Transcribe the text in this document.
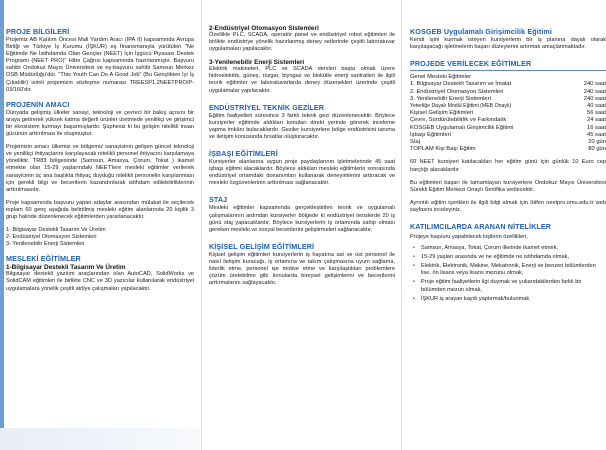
PROJE BİLGİLERİ

Projemiz AB Katılım Öncesi Mali Yardım Aracı (IPA II) kapsamında Avrupa Birliği ve Türkiye İş Kurumu (İŞKUR) eş finansmanıyla yürütülen "Ne Eğitimde Ne İstihdamda Olan Gençler (NEET) İçin İşgücü Piyasası Destek Programı (NEET PRO)" Hibe Çağrısı kapsamında hazırlanmıştır. Başvuru sahibi Ondokuz Mayıs Üniversitesi ve eş-başvuru sahibi Samsun Merkez OSB Müdürlüğü'dür. "This Youth Can Do A Good Job" (Bu Gençlikten İyi İş Çıkabilir) isimli projemizin sözleşme numarası TREESP1.2NEETPRO/P-03/160'dır.

PROJENİN AMACI

Dünyada gelişmiş ülkeler sanayi, teknoloji ve çevreci bir bakış açısını bir araya getirerek yüksek katma değerli ürünler üretmede yenilikçi ve girişimci bir ekosistem kurmayı başarmışlardır. Şüphesiz ki bu gelişim nitelikli insan gücünün arttırılması ile oluşmuştur.

Projemizin amacı ülkemiz ve bölgemiz sanayisinin gelişen güncel teknoloji ve yenilikçi ihtiyaçlarını karşılayacak nitelikli personel ihtiyacını karşılamaya yöneliktir. TR83 bölgesinde (Samsun, Amasya, Çorum, Tokat ) ikamet etmekte olan 15-29 yaşlarındaki NEET'lere mesleki eğitimler verilerek sanayicinin üç ana başlıkta ihtiyaç duyduğu nitelikli personelin karşılanması için gerekli bilgi ve becerilerin kazandırılarak istihdam edilebilirliklerinin arttırılmasıdır.

Proje kapsamında başvuru yapan adaylar arasından mülakat ile seçilecek toplam 60 genç aşağıda belirtilmiş mesleki eğitim alanlarında 20 kişilik 3 grup halinde düzenlenecek eğitimlerden yararlanacaktır.

1- Bilgisayar Destekli Tasarım Ve Üretim
2- Endüstriyel Otomasyon Sistemleri
3- Yenilenebilir Enerji Sistemleri
MESLEKİ EĞİTİMLER
1-Bilgisayar Destekli Tasarım Ve Üretim

Bilgisayar destekli yazılım araçlarından olan AutoCAD, SolidWorks ve SolidCAM eğitimleri ile birlikte CNC ve 3D yazıcılar kullanılarak endüstriyel uygulamalara yönelik çeşitli atölye çalışmaları yapılacaktır.

2-Endüstriyel Otomasyon Sistemleri

Özellikle PLC, SCADA, operatör panel ve endüstriyel robot eğitimleri ile birlikte endüstriye yönelik hazırlanmış deney setlerinde çeşitli laboratuvar uygulamaları yapılacaktır.

3-Yenilenebilir Enerji Sistemleri

Elektrik makineleri, PLC ve SCADA dersleri başta olmak üzere hidroelektrik, güneş, rüzgar, biyogaz ve biokütle enerji santralleri ile ilgili teorik eğitimler ve laboratuvarlarda deney düzenekleri üzerinde çeşitli uygulamalar yapılacaktır.

ENDÜSTRİYEL TEKNİK GEZİLER

Eğitim faaliyetleri süresince 3 farklı teknik gezi düzenlenecektir. Böylece kursiyerler eğitimde aldıkları konuları direkt yerinde görerek inceleme yapma imkânı bulacaklardır. Geziler kursiyerlere bölge endüstrisini tanıma ve iletişim konusunda fırsatlar oluşturacaktır.

İŞBAŞI EĞİTİMLERİ

Kursiyerler alanlarına uygun proje paydaşlarının işletmelerinde 45 saat işbaşı eğitimi alacaklardır. Böylece aldıkları mesleki eğitimlerin sonrasında endüstriyel ortamdaki donanımları kullanarak deneyimlerini arttıracak ve mesleki özgüvenlerinin arttırılması sağlanacaktır.

STAJ

Mesleki eğitimler kapsamında gerçekleştirilen teorik ve uygulamalı çalışmalarının ardından kursiyerler bölgede ki endüstriyel tesislerde 20 iş günü staj yapacaklardır. Böylece kursiyerlerin iş ortamında sahip olması gereken mesleki ve sosyal becerilerini geliştirmeleri sağlanacaktır.

KİŞİSEL GELİŞİM EĞİTİMLERİ

Kişisel gelişim eğitimleri kursiyerlerin iş hayatına ast ve üst personel ile nasıl iletişim kuracağı, iş ortamına ve takım çalışmasına uyum sağlama, liderlik etme, personel işe motive etme ve karşılaştıkları problemlere çözüm üretebilme gibi konularda bireysel gelişimlerini ve becerilerini arttırmalarını sağlayacaktır.

KOSGEB Uygulamalı Girişimcilik Eğitimi

Kendi işini kurmak isteyen kursiyerlerin bir iş planına dayalı olarak karşılaşacağı işletmelerin başarı düzeylerini artırmak amaçlanmaktadır.

PROJEDE VERİLECEK EĞİTİMLER
Genel Mesleki Eğitimler	
1. Bilgisayar Destekli Tasarım ve İmalat	240 saat
2. Endüstriyel Otomasyon Sistemleri	240 saat
3. Yenilenebilir Enerji Sistemleri	240 saat
Yeterliğe Dayalı Modül Eğitimi (MEB Onaylı)	40 saat
Kişisel Gelişim Eğitimleri	56 saat
Çevre, Sürdürülebilirlik ve Farkındalık	24 saat
KOSGEB Uygulamalı Girişimcilik Eğitimi	16 saat
İşbaşı Eğitimleri	45 saat
Staj	20 gün
TOPLAM Kişi Başı Eğitim	80 gün

60 NEET kursiyeri katılacakları her eğitim günü için günlük 10 Euro cep harçlığı alacaklardır

Bu eğitimleri başarı ile tamamlayan kursiyerlere Ondokuz Mayıs Üniversitesi Sürekli Eğitim Merkezi Onaylı Sertifika verilecektir.

Ayrıntılı eğitim içerikleri ile ilgili bilgi almak için lütfen neetpro.omu.edu.tr web sayfasını inceleyiniz.

KATILIMCILARDA ARANAN NİTELİKLER

Projeye başvuru yapabilecek kişilerin özellikleri,

• Samsun, Amasya, Tokat, Çorum illerinde ikamet etmek,
• 15-29 yaşları arasında ve ne eğitimde ne istihdamda olmak,
• Elektrik, Elektronik, Makine, Mekatronik, Enerji ve benzeri bölümlerden lise, ön lisans veya lisans mezunu olmak,
• Proje eğitim faaliyetlerin ilgi duymak ve yukarıdakilerden farklı bir bölümden mezun olmak,
• İŞKUR iş arayan kaydı yaptırmak/bulunmak.
